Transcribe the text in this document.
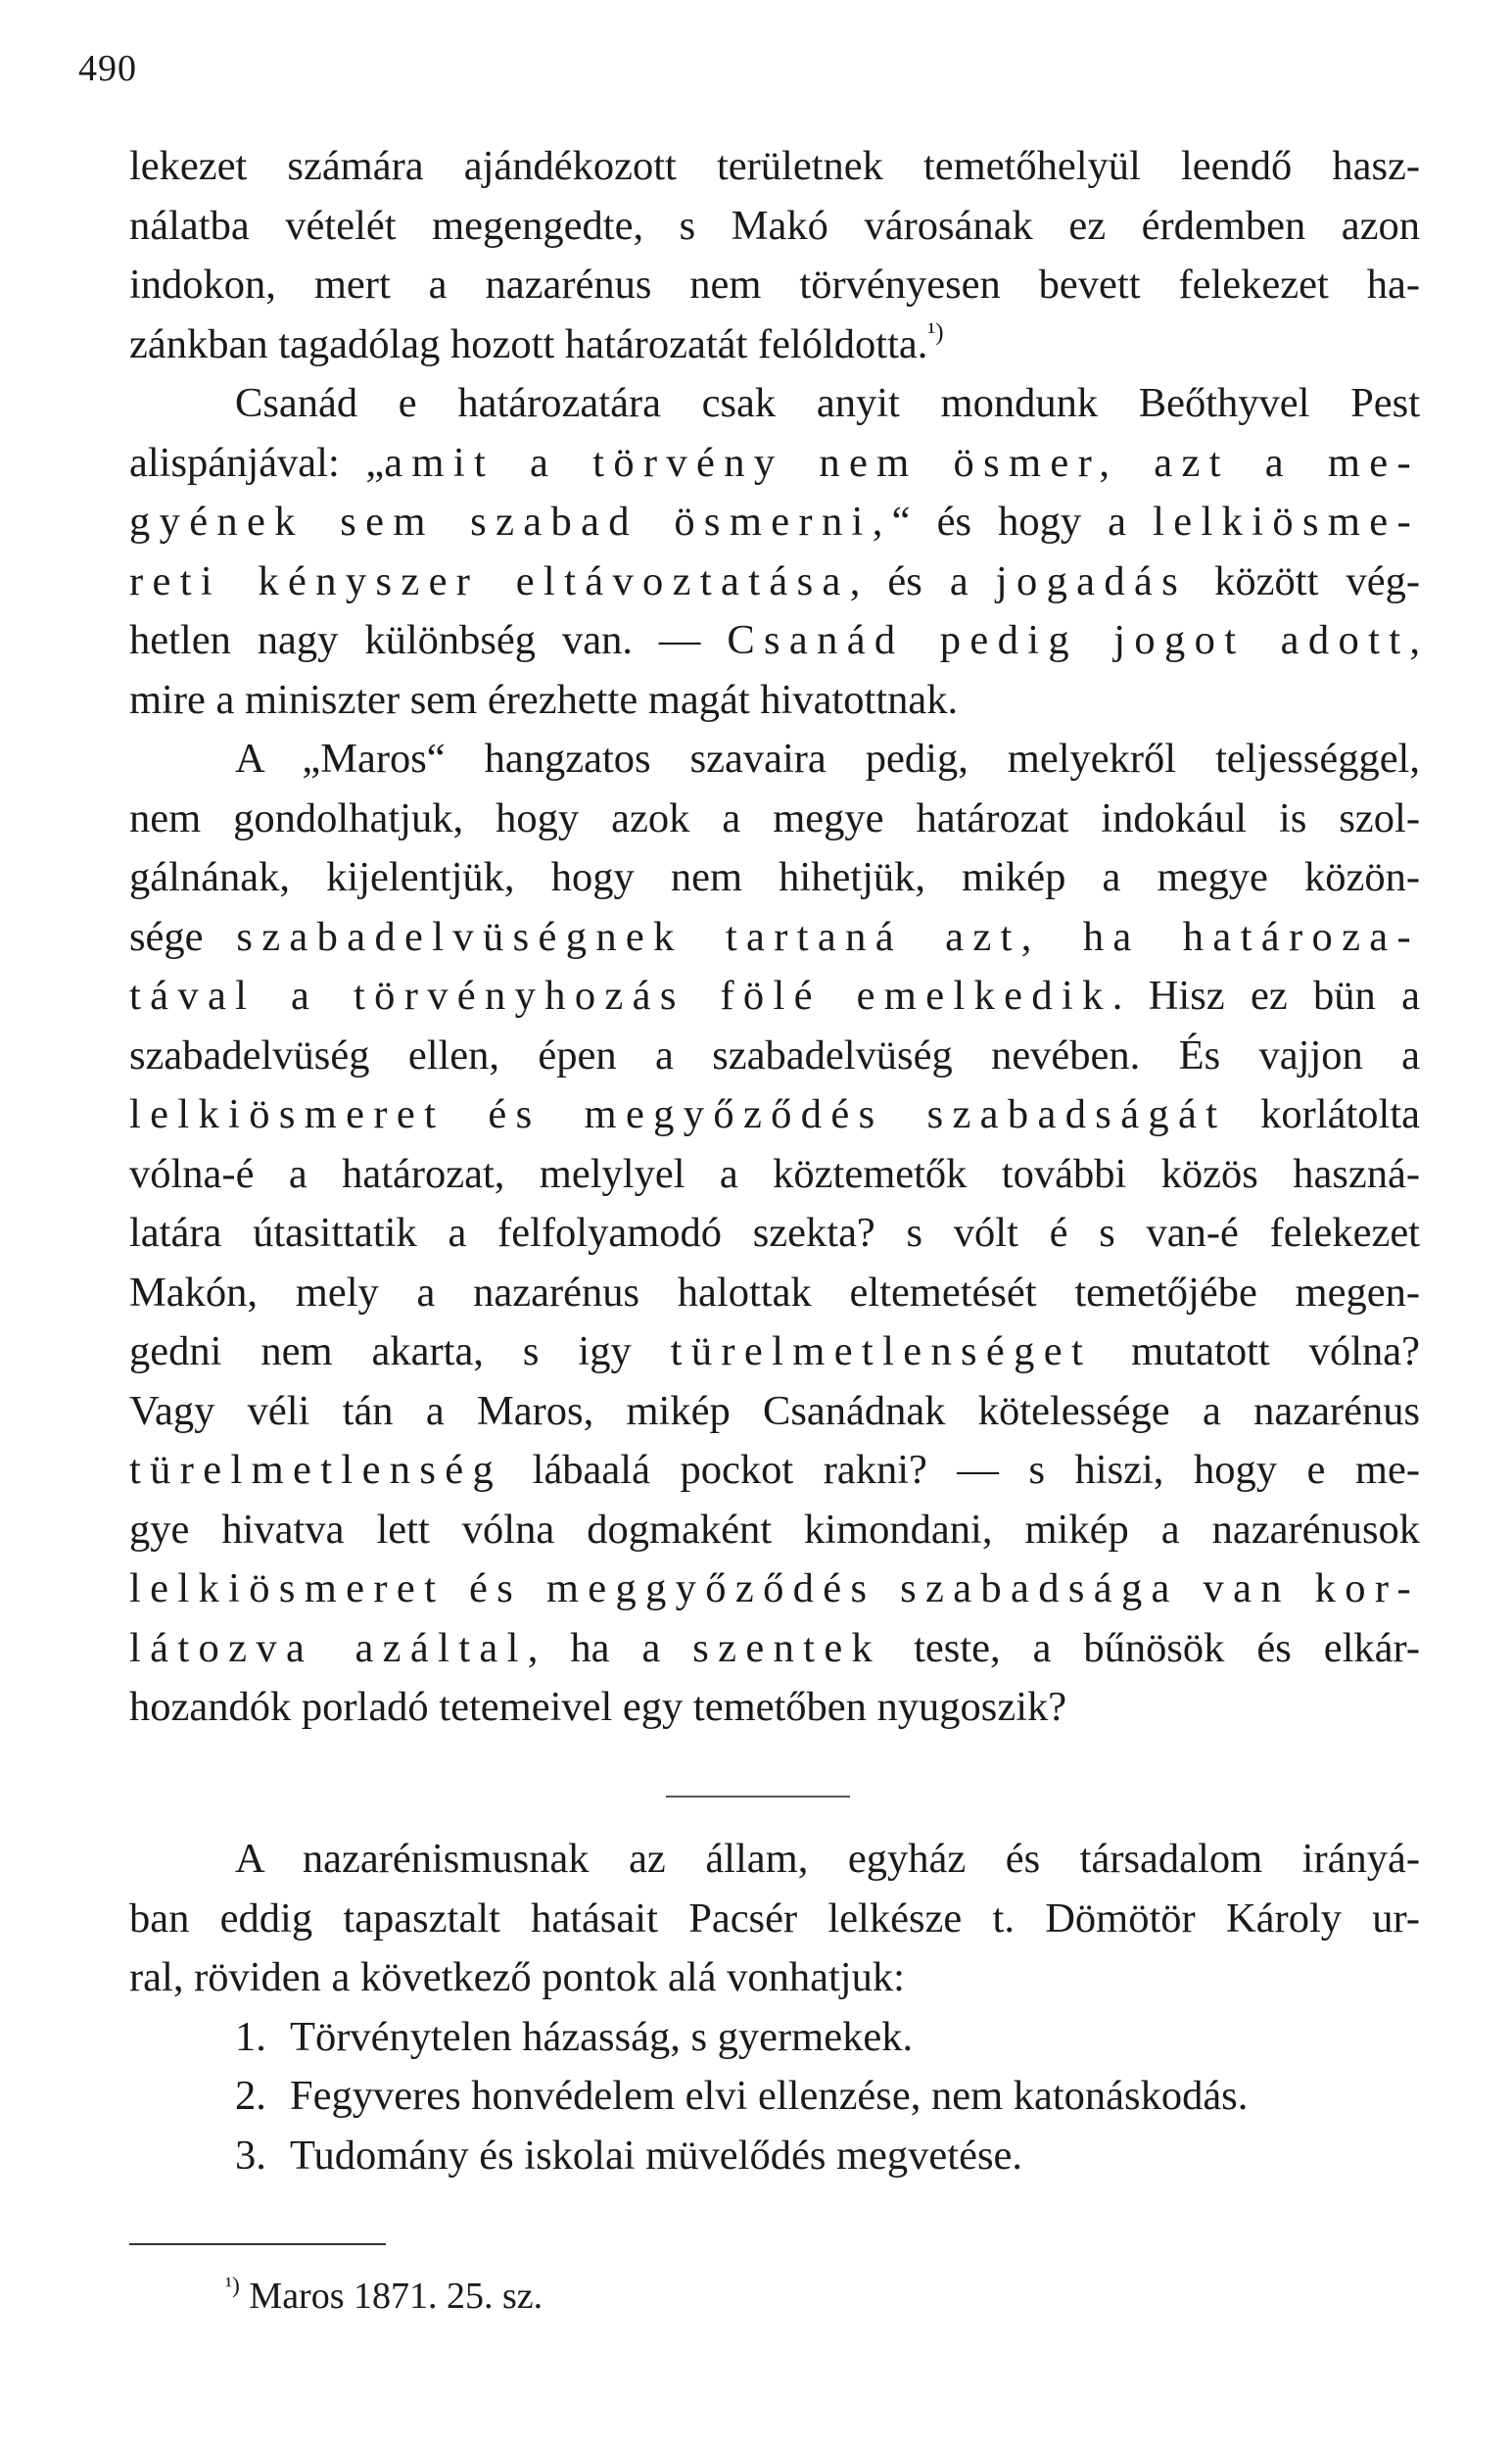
490
lekezet számára ajándékozott területnek temetőhelyül leendő hasz-
nálatba vételét megengedte, s Makó városának ez érdemben azon
indokon, mert a nazarénus nem törvényesen bevett felekezet ha-
zánkban tagadólag hozott határozatát felóldotta.$^{^1)}$
Csanád e határozatára csak anyit mondunk Beőthyvel Pest
alispánjával: „amit a törvény nem ösmer, azt a me-
gyének sem szabad ösmerni,“ és hogy a lelkiösme-
reti kényszer eltávoztatása, és a jogadás között vég-
hetlen nagy különbség van. — Csanád pedig jogot adott,
mire a miniszter sem érezhette magát hivatottnak.
A „Maros“ hangzatos szavaira pedig, melyekről teljességgel,
nem gondolhatjuk, hogy azok a megye határozat indokául is szol-
gálnának, kijelentjük, hogy nem hihetjük, mikép a megye közön-
sége szabadelvüségnek tartaná azt, ha határoza-
tával a törvényhozás fölé emelkedik. Hisz ez bün a
szabadelvüség ellen, épen a szabadelvüség nevében. És vajjon a
lelkiösmeret és megyőződés szabadságát korlátolta
vólna-é a határozat, melylyel a köztemetők további közös haszná-
latára útasittatik a felfolyamodó szekta? s vólt é s van-é felekezet
Makón, mely a nazarénus halottak eltemetését temetőjébe megen-
gedni nem akarta, s igy türelmetlenséget mutatott vólna?
Vagy véli tán a Maros, mikép Csanádnak kötelessége a nazarénus
türelmetlenség lábaalá pockot rakni? — s hiszi, hogy e me-
gye hivatva lett vólna dogmaként kimondani, mikép a nazarénusok
lelkiösmeret és meggyőződés szabadsága van kor-
látozva azáltal, ha a szentek teste, a bűnösök és elkár-
hozandók porladó tetemeivel egy temetőben nyugoszik?
A nazarénismusnak az állam, egyház és társadalom irányá-
ban eddig tapasztalt hatásait Pacsér lelkésze t. Dömötör Károly ur-
ral, röviden a következő pontok alá vonhatjuk:
1. Törvénytelen házasság, s gyermekek.
2. Fegyveres honvédelem elvi ellenzése, nem katonáskodás.
3. Tudomány és iskolai müvelődés megvetése.
$^{^1)}$ Maros 1871. 25. sz.
